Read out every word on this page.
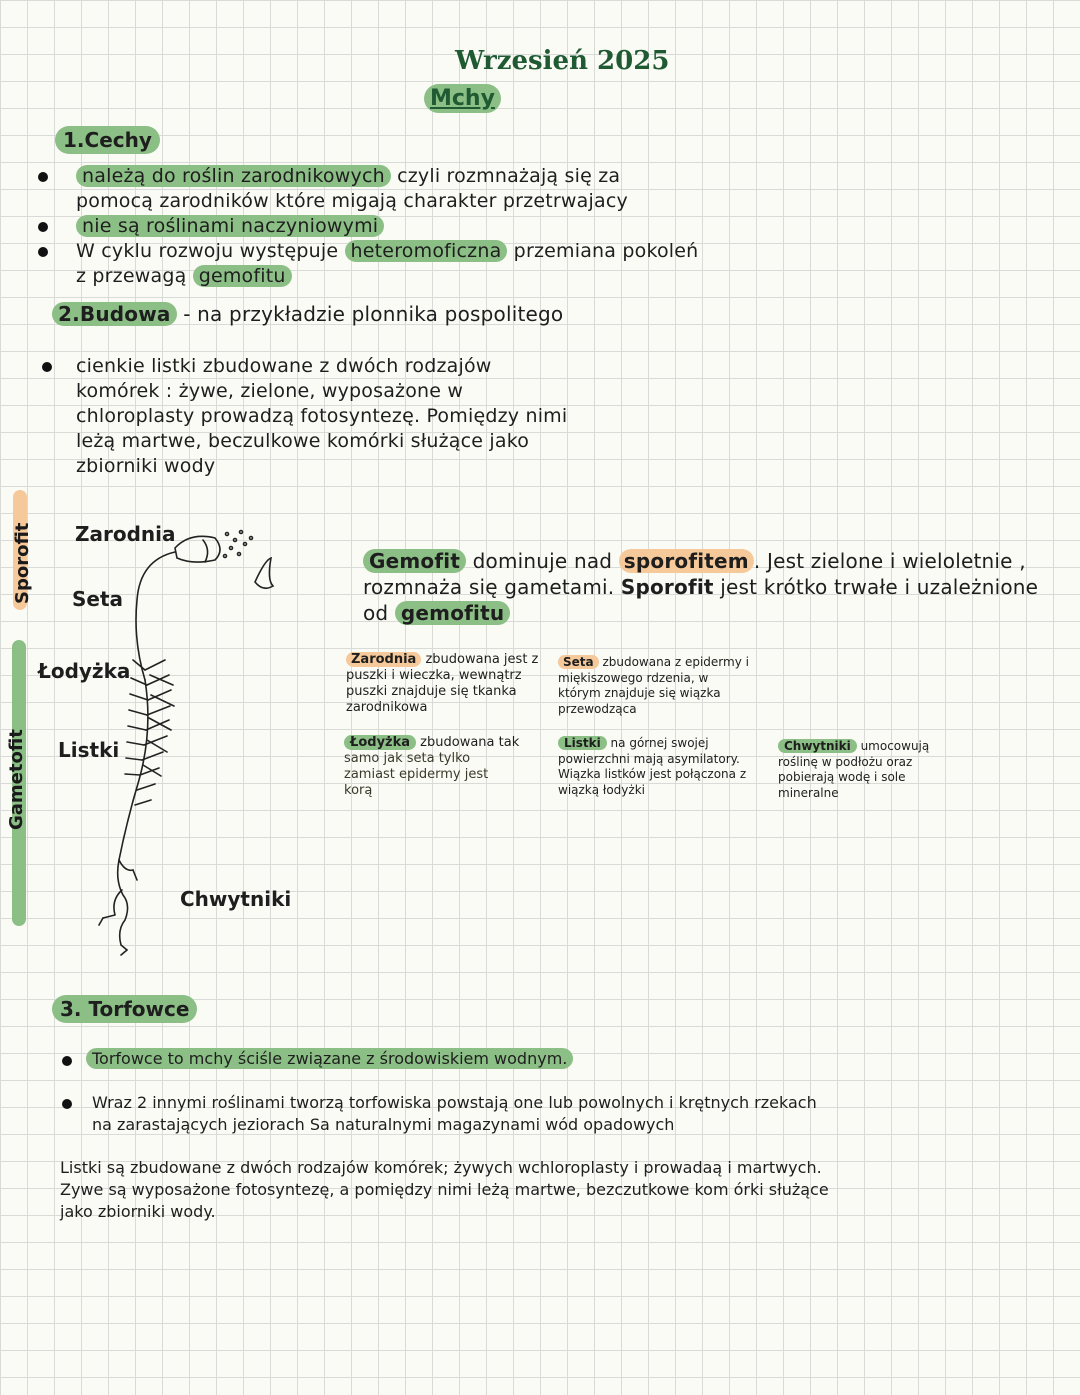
Wrzesień 2025
Mchy
1.Cechy
należą do roślin zarodnikowych czyli rozmnażają się za
pomocą zarodników które migają charakter przetrwajacy
nie są roślinami naczyniowymi
W cyklu rozwoju występuje heteromoficzna przemiana pokoleń
z przewagą gemofitu
2.Budowa - na przykładzie plonnika pospolitego
cienkie listki zbudowane z dwóch rodzajów
komórek : żywe, zielone, wyposażone w
chloroplasty prowadzą fotosyntezę. Pomiędzy nimi
leżą martwe, beczulkowe komórki służące jako
zbiorniki wody
Sporofit
Gametofit
Zarodnia
Seta
Łodyżka
Listki
Chwytniki
Gemofit dominuje nad sporofitem . Jest zielone i wieloletnie ,
rozmnaża się gametami. Sporofit jest krótko trwałe i uzależnione
od gemofitu
Zarodnia zbudowana jest z
puszki i wieczka, wewnątrz
puszki znajduje się tkanka
zarodnikowa
Seta zbudowana z epidermy i
miękiszowego rdzenia, w
którym znajduje się wiązka
przewodząca
Łodyżka zbudowana tak
samo jak seta tylko
zamiast epidermy jest
korą
Listki na górnej swojej
powierzchni mają asymilatory.
Wiązka listków jest połączona z
wiązką łodyżki
Chwytniki umocowują
roślinę w podłożu oraz
pobierają wodę i sole
mineralne
3. Torfowce
Torfowce to mchy ściśle związane z środowiskiem wodnym.
Wraz 2 innymi roślinami tworzą torfowiska powstają one lub powolnych i krętnych rzekach
na zarastających jeziorach Sa naturalnymi magazynami wód opadowych
Listki są zbudowane z dwóch rodzajów komórek; żywych wchloroplasty i prowadaą i martwych.
Zywe są wyposażone fotosyntezę, a pomiędzy nimi leżą martwe, bezczutkowe kom órki służące
jako zbiorniki wody.
